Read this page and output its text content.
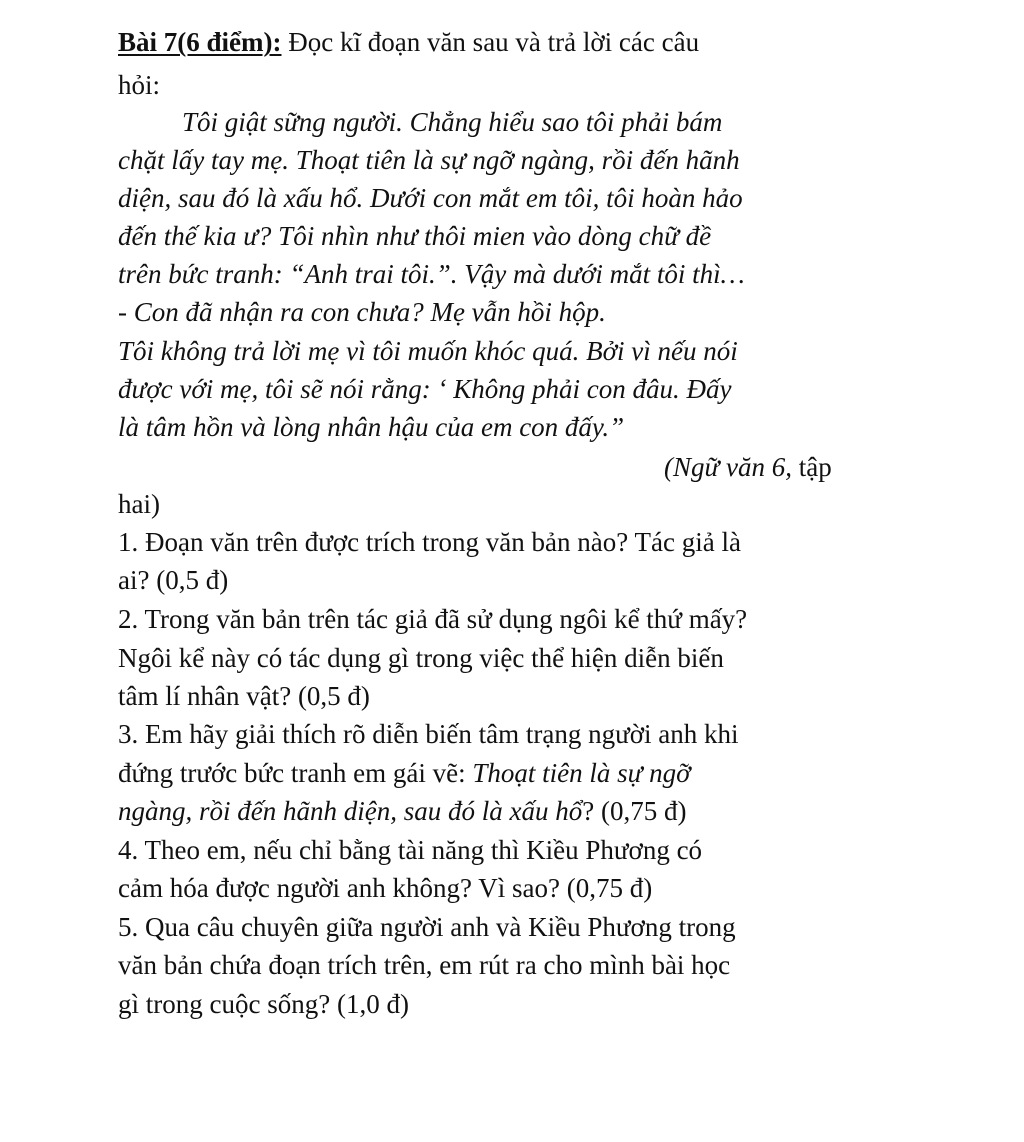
Bài 7(6 điểm): Đọc kĩ đoạn văn sau và trả lời các câu
hỏi:
Tôi giật sững người. Chẳng hiểu sao tôi phải bám
chặt lấy tay mẹ. Thoạt tiên là sự ngỡ ngàng, rồi đến hãnh
diện, sau đó là xấu hổ. Dưới con mắt em tôi, tôi hoàn hảo
đến thế kia ư? Tôi nhìn như thôi mien vào dòng chữ đề
trên bức tranh: “Anh trai tôi.”. Vậy mà dưới mắt tôi thì…
- Con đã nhận ra con chưa? Mẹ vẫn hồi hộp.
Tôi không trả lời mẹ vì tôi muốn khóc quá. Bởi vì nếu nói
được với mẹ, tôi sẽ nói rằng: ‘ Không phải con đâu. Đấy
là tâm hồn và lòng nhân hậu của em con đấy.”
(Ngữ văn 6, tập
hai)
1. Đoạn văn trên được trích trong văn bản nào? Tác giả là
ai? (0,5 đ)
2. Trong văn bản trên tác giả đã sử dụng ngôi kể thứ mấy?
Ngôi kể này có tác dụng gì trong việc thể hiện diễn biến
tâm lí nhân vật? (0,5 đ)
3. Em hãy giải thích rõ diễn biến tâm trạng người anh khi
đứng trước bức tranh em gái vẽ: Thoạt tiên là sự ngỡ
ngàng, rồi đến hãnh diện, sau đó là xấu hổ? (0,75 đ)
4. Theo em, nếu chỉ bằng tài năng thì Kiều Phương có
cảm hóa được người anh không? Vì sao? (0,75 đ)
5. Qua câu chuyên giữa người anh và Kiều Phương trong
văn bản chứa đoạn trích trên, em rút ra cho mình bài học
gì trong cuộc sống? (1,0 đ)
